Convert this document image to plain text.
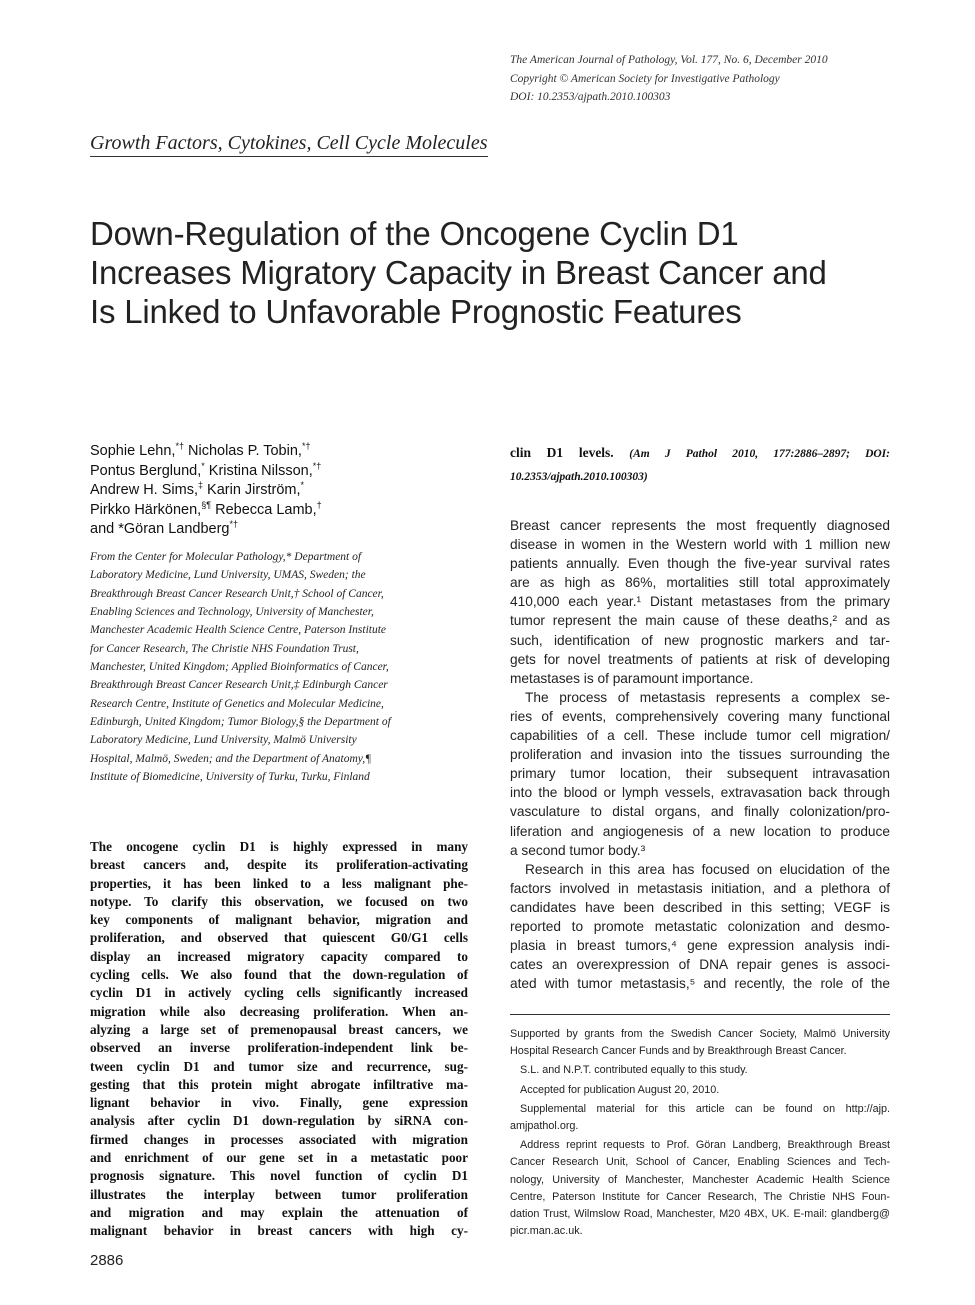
The American Journal of Pathology, Vol. 177, No. 6, December 2010
Copyright © American Society for Investigative Pathology
DOI: 10.2353/ajpath.2010.100303
Growth Factors, Cytokines, Cell Cycle Molecules
Down-Regulation of the Oncogene Cyclin D1
Increases Migratory Capacity in Breast Cancer and
Is Linked to Unfavorable Prognostic Features
Sophie Lehn,*† Nicholas P. Tobin,*†
Pontus Berglund,* Kristina Nilsson,*†
Andrew H. Sims,‡ Karin Jirström,*
Pirkko Härkönen,§¶ Rebecca Lamb,†
and *Göran Landberg*†
From the Center for Molecular Pathology,* Department of
Laboratory Medicine, Lund University, UMAS, Sweden; the
Breakthrough Breast Cancer Research Unit,† School of Cancer,
Enabling Sciences and Technology, University of Manchester,
Manchester Academic Health Science Centre, Paterson Institute
for Cancer Research, The Christie NHS Foundation Trust,
Manchester, United Kingdom; Applied Bioinformatics of Cancer,
Breakthrough Breast Cancer Research Unit,‡ Edinburgh Cancer
Research Centre, Institute of Genetics and Molecular Medicine,
Edinburgh, United Kingdom; Tumor Biology,§ the Department of
Laboratory Medicine, Lund University, Malmö University
Hospital, Malmö, Sweden; and the Department of Anatomy,¶
Institute of Biomedicine, University of Turku, Turku, Finland
The oncogene cyclin D1 is highly expressed in many
breast cancers and, despite its proliferation-activating
properties, it has been linked to a less malignant phe-
notype. To clarify this observation, we focused on two
key components of malignant behavior, migration and
proliferation, and observed that quiescent G0/G1 cells
display an increased migratory capacity compared to
cycling cells. We also found that the down-regulation of
cyclin D1 in actively cycling cells significantly increased
migration while also decreasing proliferation. When an-
alyzing a large set of premenopausal breast cancers, we
observed an inverse proliferation-independent link be-
tween cyclin D1 and tumor size and recurrence, sug-
gesting that this protein might abrogate infiltrative ma-
lignant behavior in vivo. Finally, gene expression
analysis after cyclin D1 down-regulation by siRNA con-
firmed changes in processes associated with migration
and enrichment of our gene set in a metastatic poor
prognosis signature. This novel function of cyclin D1
illustrates the interplay between tumor proliferation
and migration and may explain the attenuation of
malignant behavior in breast cancers with high cy-
clin D1 levels. (Am J Pathol 2010, 177:2886–2897; DOI:
10.2353/ajpath.2010.100303)
Breast cancer represents the most frequently diagnosed
disease in women in the Western world with 1 million new
patients annually. Even though the five-year survival rates
are as high as 86%, mortalities still total approximately
410,000 each year.¹ Distant metastases from the primary
tumor represent the main cause of these deaths,² and as
such, identification of new prognostic markers and tar-
gets for novel treatments of patients at risk of developing
metastases is of paramount importance.
The process of metastasis represents a complex se-
ries of events, comprehensively covering many functional
capabilities of a cell. These include tumor cell migration/
proliferation and invasion into the tissues surrounding the
primary tumor location, their subsequent intravasation
into the blood or lymph vessels, extravasation back through
vasculature to distal organs, and finally colonization/pro-
liferation and angiogenesis of a new location to produce
a second tumor body.³
Research in this area has focused on elucidation of the
factors involved in metastasis initiation, and a plethora of
candidates have been described in this setting; VEGF is
reported to promote metastatic colonization and desmo-
plasia in breast tumors,⁴ gene expression analysis indi-
cates an overexpression of DNA repair genes is associ-
ated with tumor metastasis,⁵ and recently, the role of the
Supported by grants from the Swedish Cancer Society, Malmö University
Hospital Research Cancer Funds and by Breakthrough Breast Cancer.
S.L. and N.P.T. contributed equally to this study.
Accepted for publication August 20, 2010.
Supplemental material for this article can be found on http://ajp.
amjpathol.org.
Address reprint requests to Prof. Göran Landberg, Breakthrough Breast
Cancer Research Unit, School of Cancer, Enabling Sciences and Tech-
nology, University of Manchester, Manchester Academic Health Science
Centre, Paterson Institute for Cancer Research, The Christie NHS Foun-
dation Trust, Wilmslow Road, Manchester, M20 4BX, UK. E-mail: glandberg@
picr.man.ac.uk.
2886
